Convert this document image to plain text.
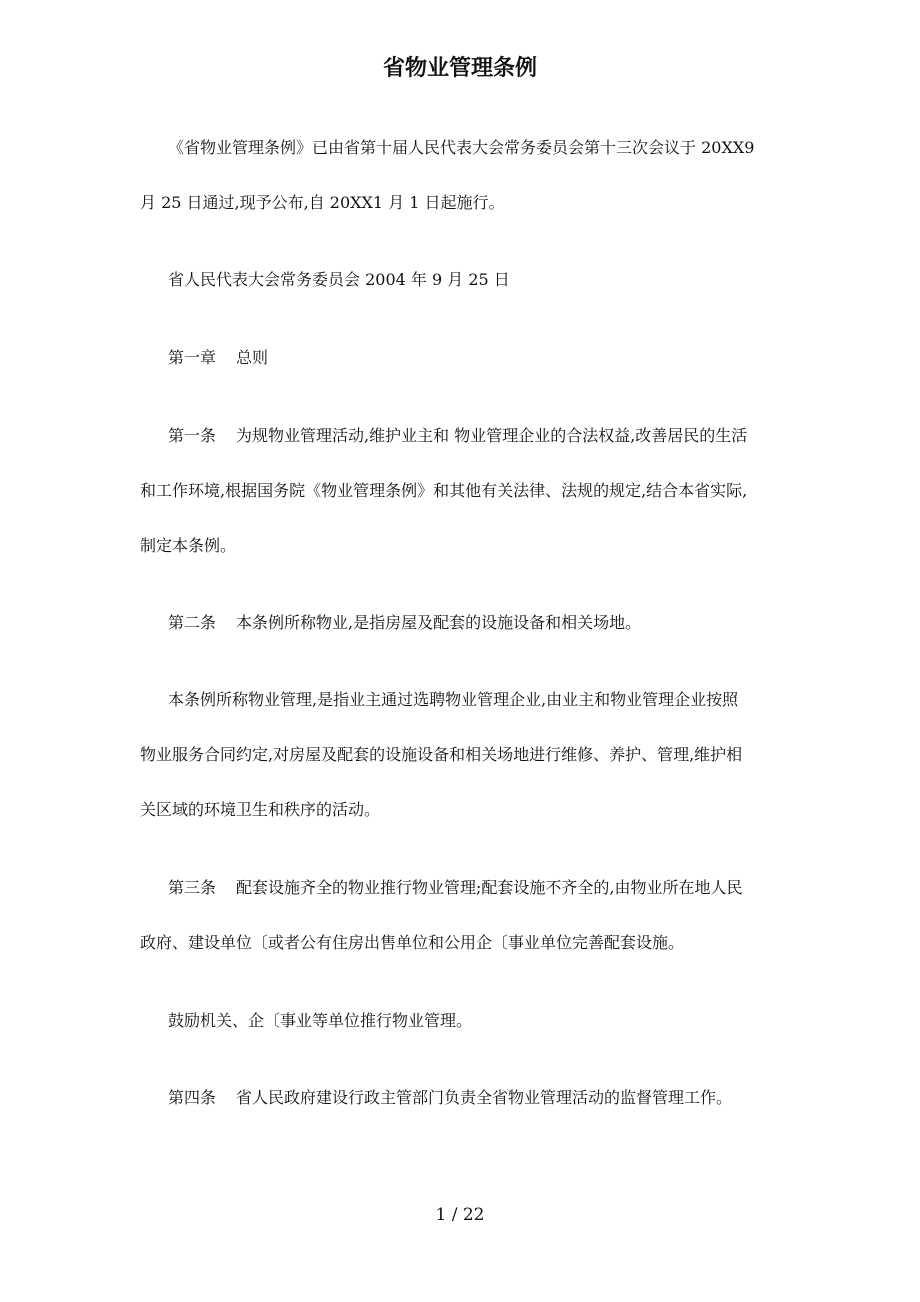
省物业管理条例

《省物业管理条例》已由省第十届人民代表大会常务委员会第十三次会议于 20XX9

月 25 日通过,现予公布,自 20XX1 月 1 日起施行。

省人民代表大会常务委员会 2004 年 9 月 25 日

第一章 总则

第一条 为规物业管理活动,维护业主和 物业管理企业的合法权益,改善居民的生活

和工作环境,根据国务院《物业管理条例》和其他有关法律、法规的规定,结合本省实际,

制定本条例。

第二条 本条例所称物业,是指房屋及配套的设施设备和相关场地。

本条例所称物业管理,是指业主通过选聘物业管理企业,由业主和物业管理企业按照

物业服务合同约定,对房屋及配套的设施设备和相关场地进行维修、养护、管理,维护相

关区域的环境卫生和秩序的活动。

第三条 配套设施齐全的物业推行物业管理;配套设施不齐全的,由物业所在地人民

政府、建设单位〔或者公有住房出售单位和公用企〔事业单位完善配套设施。

鼓励机关、企〔事业等单位推行物业管理。

第四条 省人民政府建设行政主管部门负责全省物业管理活动的监督管理工作。

1 / 22
